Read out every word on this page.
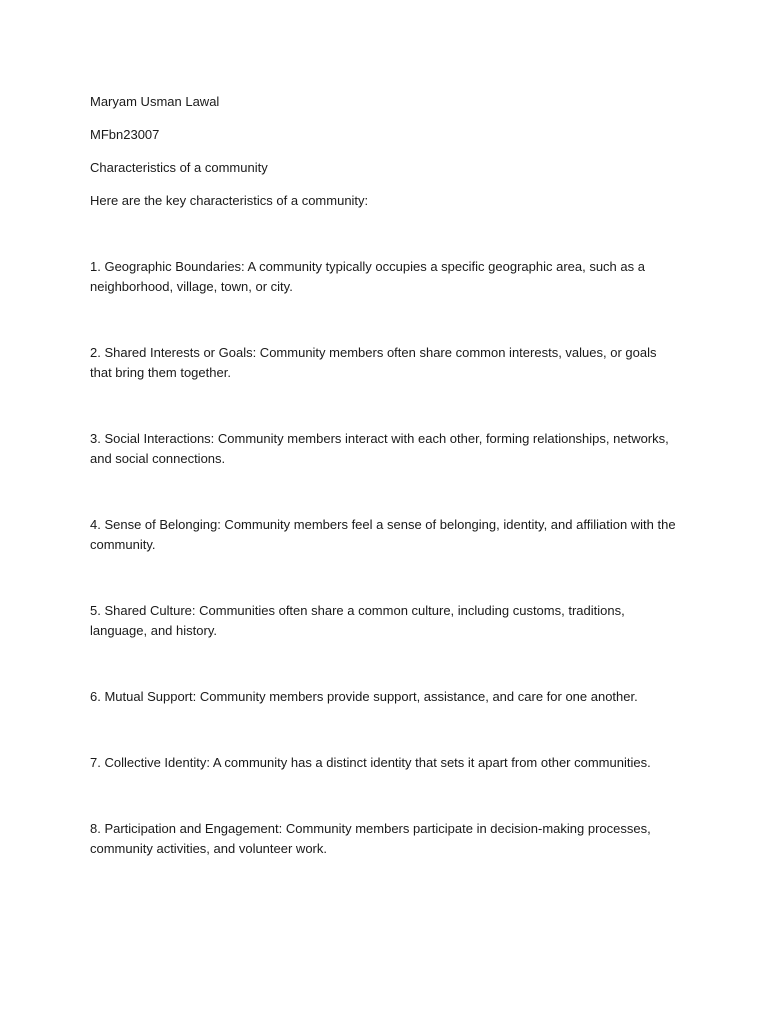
Maryam Usman Lawal

MFbn23007

Characteristics of a community

Here are the key characteristics of a community:

1. Geographic Boundaries: A community typically occupies a specific geographic area, such as a neighborhood, village, town, or city.

2. Shared Interests or Goals: Community members often share common interests, values, or goals that bring them together.

3. Social Interactions: Community members interact with each other, forming relationships, networks, and social connections.

4. Sense of Belonging: Community members feel a sense of belonging, identity, and affiliation with the community.

5. Shared Culture: Communities often share a common culture, including customs, traditions, language, and history.

6. Mutual Support: Community members provide support, assistance, and care for one another.

7. Collective Identity: A community has a distinct identity that sets it apart from other communities.

8. Participation and Engagement: Community members participate in decision-making processes, community activities, and volunteer work.
